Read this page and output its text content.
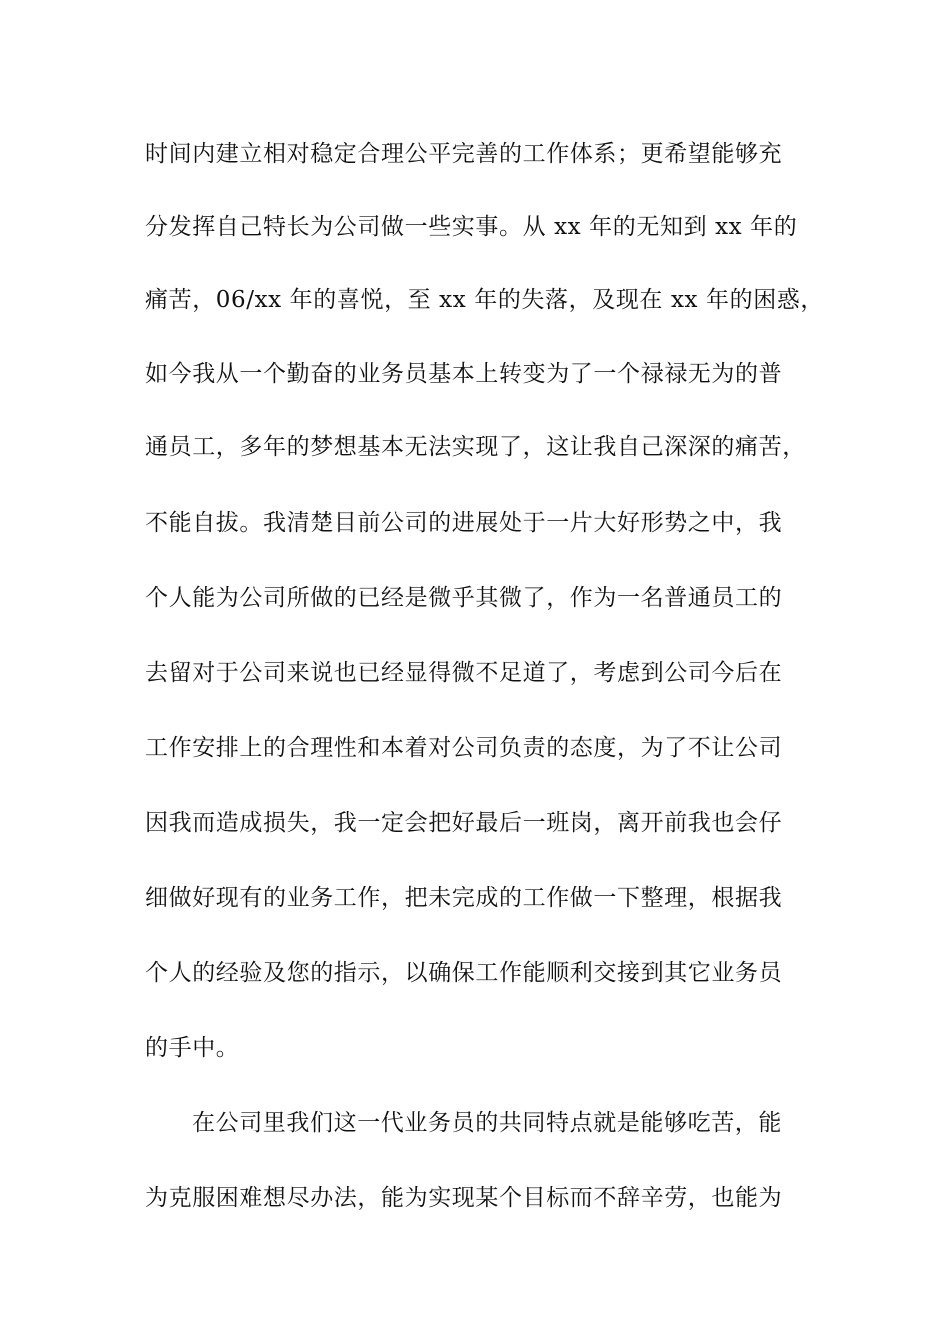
时间内建立相对稳定合理公平完善的工作体系；更希望能够充
分发挥自己特长为公司做一些实事。从 xx 年的无知到 xx 年的
痛苦，06/xx 年的喜悦，至 xx 年的失落，及现在 xx 年的困惑，
如今我从一个勤奋的业务员基本上转变为了一个禄禄无为的普
通员工，多年的梦想基本无法实现了，这让我自己深深的痛苦，
不能自拔。我清楚目前公司的进展处于一片大好形势之中，我
个人能为公司所做的已经是微乎其微了，作为一名普通员工的
去留对于公司来说也已经显得微不足道了，考虑到公司今后在
工作安排上的合理性和本着对公司负责的态度，为了不让公司
因我而造成损失，我一定会把好最后一班岗，离开前我也会仔
细做好现有的业务工作，把未完成的工作做一下整理，根据我
个人的经验及您的指示，以确保工作能顺利交接到其它业务员
的手中。
在公司里我们这一代业务员的共同特点就是能够吃苦，能
为克服困难想尽办法，能为实现某个目标而不辞辛劳，也能为
